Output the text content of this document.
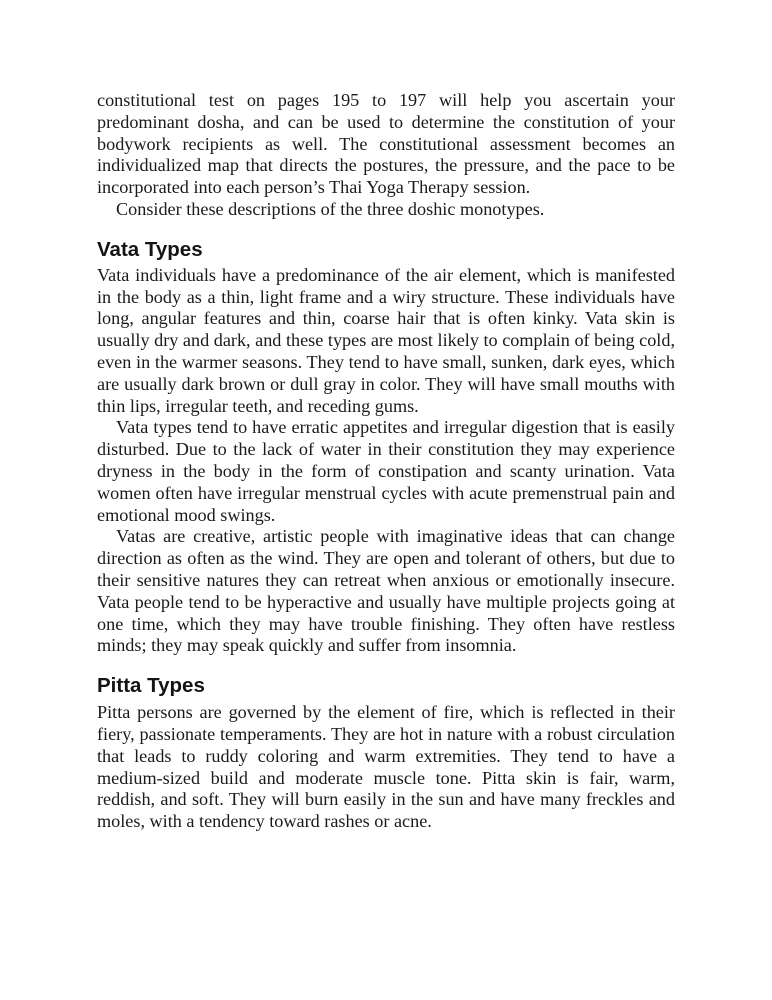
constitutional test on pages 195 to 197 will help you ascertain your predominant dosha, and can be used to determine the constitution of your bodywork recipients as well. The constitutional assessment becomes an individualized map that directs the postures, the pressure, and the pace to be incorporated into each person’s Thai Yoga Therapy session.

Consider these descriptions of the three doshic monotypes.

Vata Types

Vata individuals have a predominance of the air element, which is manifested in the body as a thin, light frame and a wiry structure. These individuals have long, angular features and thin, coarse hair that is often kinky. Vata skin is usually dry and dark, and these types are most likely to complain of being cold, even in the warmer seasons. They tend to have small, sunken, dark eyes, which are usually dark brown or dull gray in color. They will have small mouths with thin lips, irregular teeth, and receding gums.

Vata types tend to have erratic appetites and irregular digestion that is easily disturbed. Due to the lack of water in their constitution they may experience dryness in the body in the form of constipation and scanty urination. Vata women often have irregular menstrual cycles with acute premenstrual pain and emotional mood swings.

Vatas are creative, artistic people with imaginative ideas that can change direction as often as the wind. They are open and tolerant of others, but due to their sensitive natures they can retreat when anxious or emotionally insecure. Vata people tend to be hyperactive and usually have multiple projects going at one time, which they may have trouble finishing. They often have restless minds; they may speak quickly and suffer from insomnia.

Pitta Types

Pitta persons are governed by the element of fire, which is reflected in their fiery, passionate temperaments. They are hot in nature with a robust circulation that leads to ruddy coloring and warm extremities. They tend to have a medium-sized build and moderate muscle tone. Pitta skin is fair, warm, reddish, and soft. They will burn easily in the sun and have many freckles and moles, with a tendency toward rashes or acne.
